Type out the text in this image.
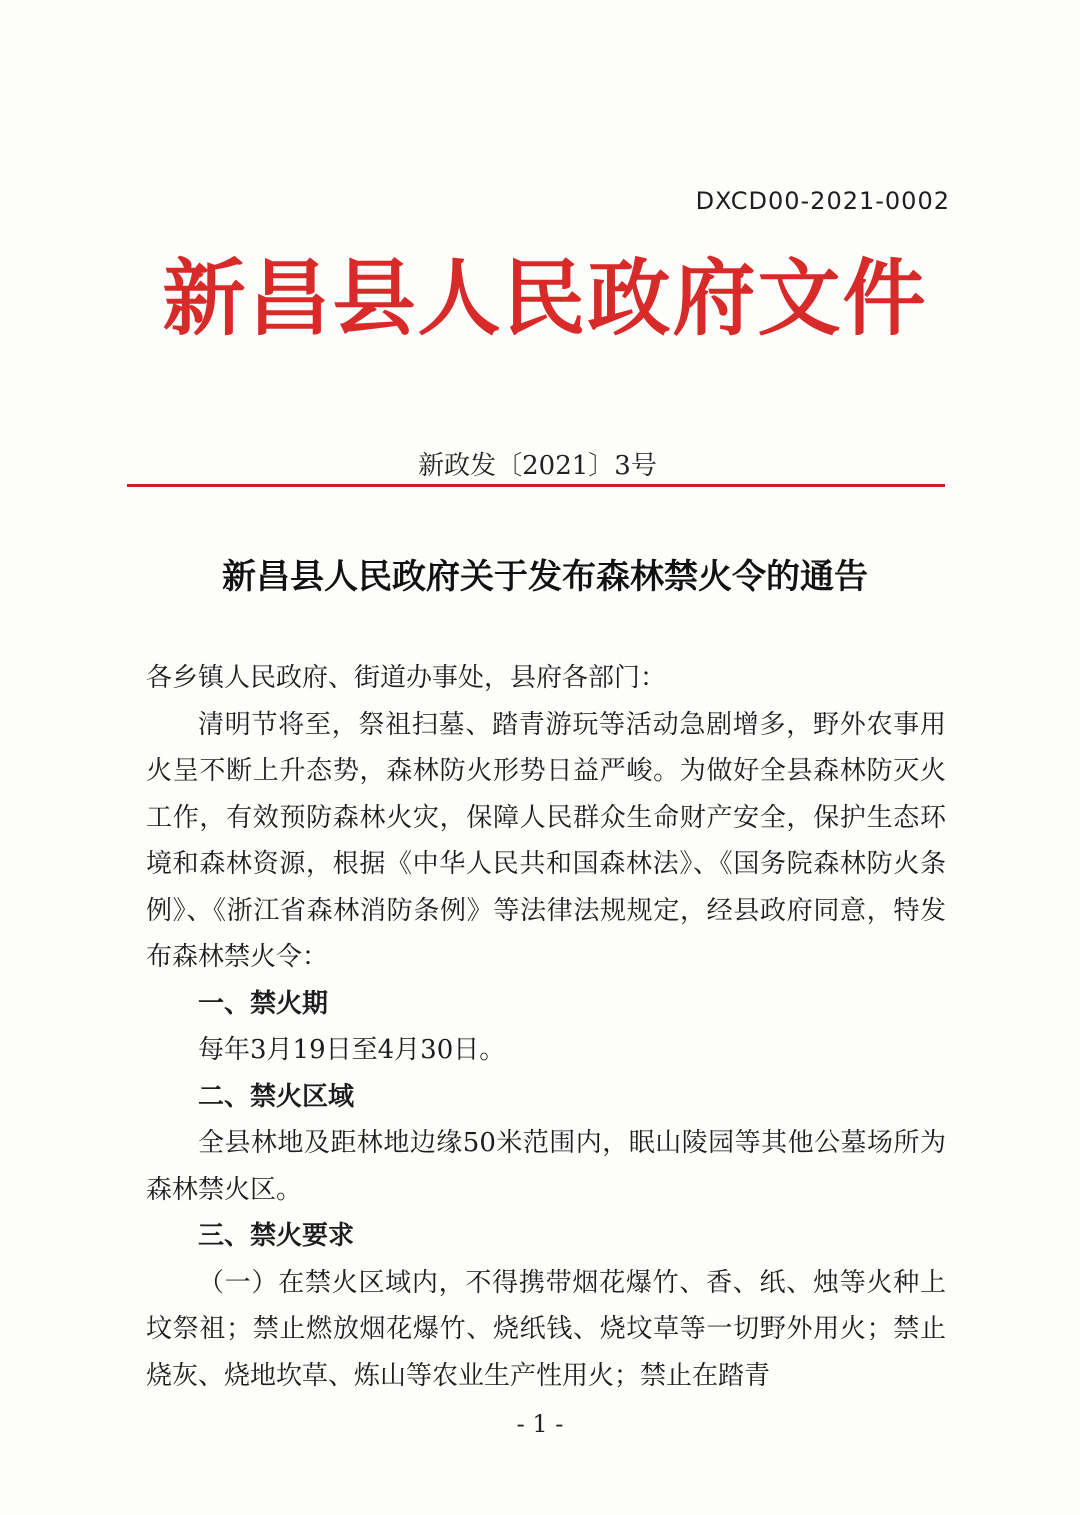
DXCD00-2021-0002
新昌县人民政府文件
新政发〔2021〕3号
新昌县人民政府关于发布森林禁火令的通告

各乡镇人民政府、街道办事处，县府各部门：

清明节将至，祭祖扫墓、踏青游玩等活动急剧增多，野外农事用火呈不断上升态势，森林防火形势日益严峻。为做好全县森林防灭火工作，有效预防森林火灾，保障人民群众生命财产安全，保护生态环境和森林资源，根据《中华人民共和国森林法》、《国务院森林防火条例》、《浙江省森林消防条例》等法律法规规定，经县政府同意，特发布森林禁火令：

一、禁火期

每年3月19日至4月30日。

二、禁火区域

全县林地及距林地边缘50米范围内，眠山陵园等其他公墓场所为森林禁火区。

三、禁火要求

（一）在禁火区域内，不得携带烟花爆竹、香、纸、烛等火种上坟祭祖；禁止燃放烟花爆竹、烧纸钱、烧坟草等一切野外用火；禁止烧灰、烧地坎草、炼山等农业生产性用火；禁止在踏青

- 1 -
